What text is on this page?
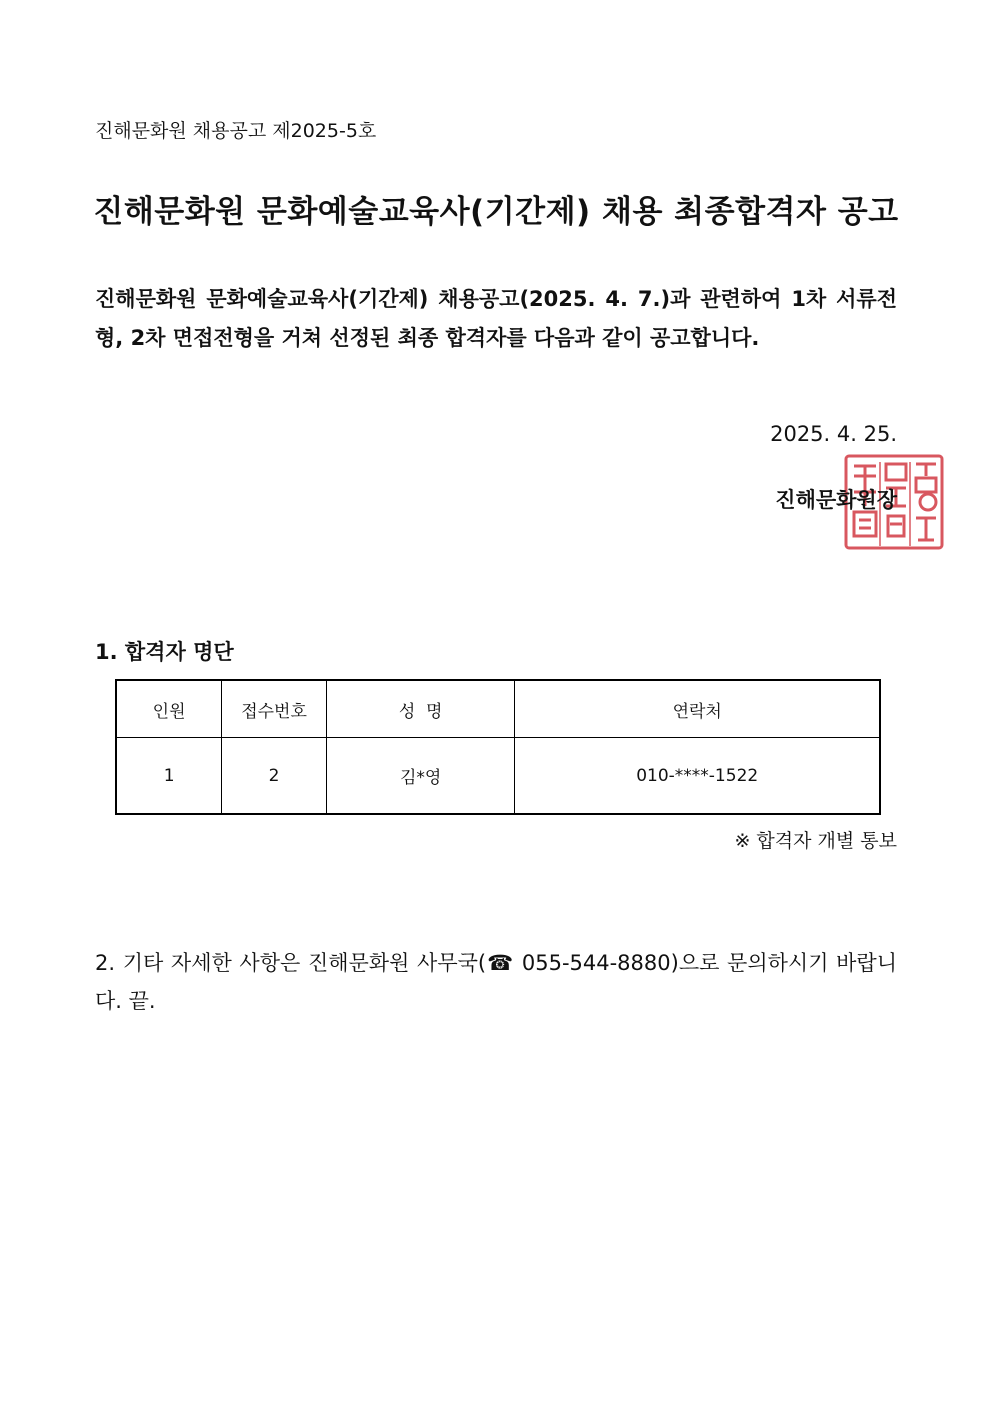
진해문화원 채용공고 제2025-5호
진해문화원 문화예술교육사(기간제) 채용 최종합격자 공고
진해문화원 문화예술교육사(기간제) 채용공고(2025. 4. 7.)과 관련하여 1차 서류전형, 2차 면접전형을 거쳐 선정된 최종 합격자를 다음과 같이 공고합니다.
2025. 4. 25.
진해문화원장
1. 합격자 명단
인원	접수번호	성  명	연락처
1	2	김*영	010-****-1522
※ 합격자 개별 통보
2. 기타 자세한 사항은 진해문화원 사무국(☎ 055-544-8880)으로 문의하시기 바랍니다. 끝.
